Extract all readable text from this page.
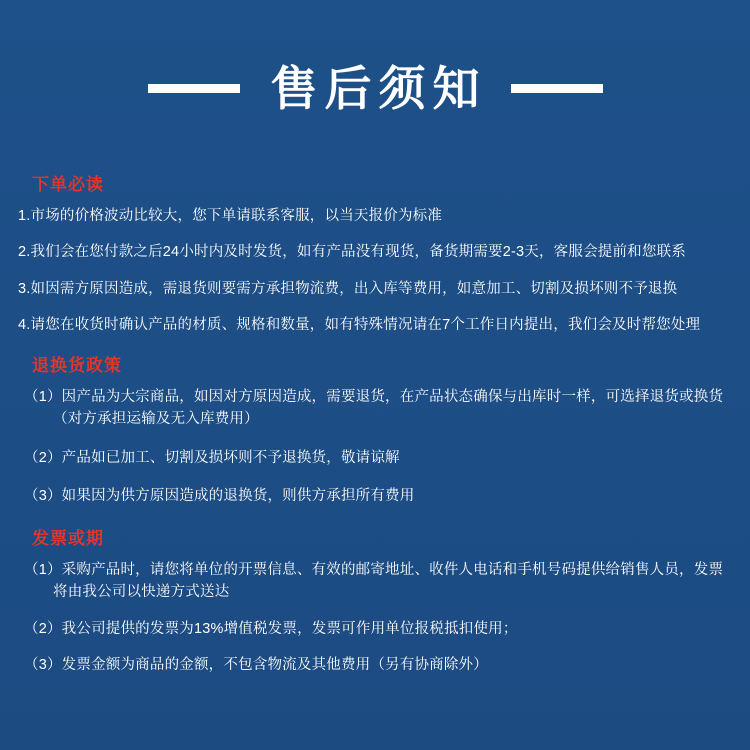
售后须知
下单必读

1.市场的价格波动比较大，您下单请联系客服，以当天报价为标准

2.我们会在您付款之后24小时内及时发货，如有产品没有现货，备货期需要2-3天，客服会提前和您联系

3.如因需方原因造成，需退货则要需方承担物流费，出入库等费用，如意加工、切割及损坏则不予退换

4.请您在收货时确认产品的材质、规格和数量，如有特殊情况请在7个工作日内提出，我们会及时帮您处理

退换货政策

（1）因产品为大宗商品，如因对方原因造成，需要退货，在产品状态确保与出库时一样，可选择退货或换货（对方承担运输及无入库费用）

（2）产品如已加工、切割及损坏则不予退换货，敬请谅解

（3）如果因为供方原因造成的退换货，则供方承担所有费用

发票或期

（1）采购产品时，请您将单位的开票信息、有效的邮寄地址、收件人电话和手机号码提供给销售人员，发票将由我公司以快递方式送达

（2）我公司提供的发票为13%增值税发票，发票可作用单位报税抵扣使用；

（3）发票金额为商品的金额，不包含物流及其他费用（另有协商除外）
